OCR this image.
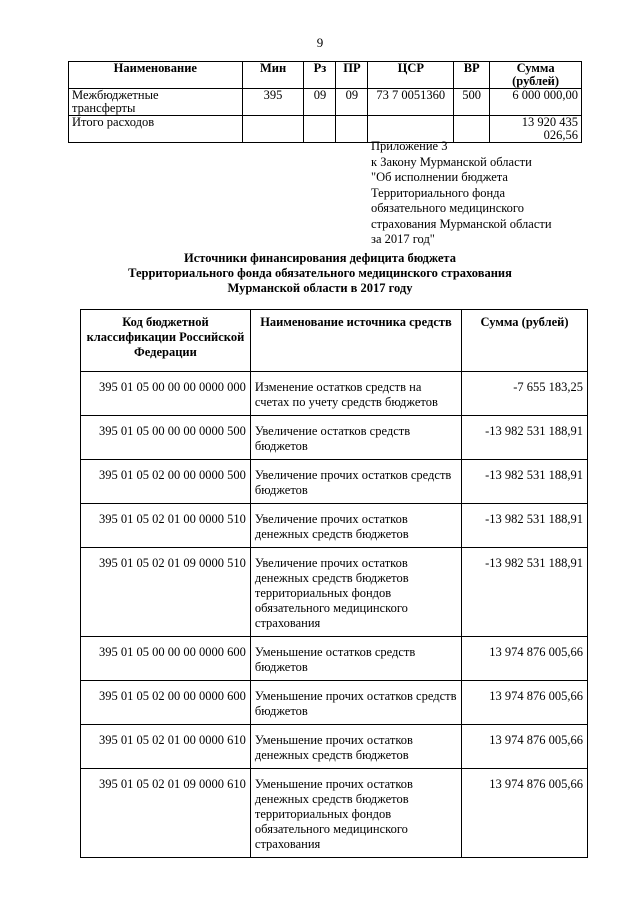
9
Наименование	Мин	Рз	ПР	ЦСР	ВР	Сумма (рублей)

Межбюджетные
трансферты	395	09	09	73 7 0051360	500	6 000 000,00
Итого расходов						13 920 435 026,56
Приложение 3
к Закону Мурманской области
"Об исполнении бюджета
Территориального фонда
обязательного медицинского
страхования Мурманской области
за 2017 год"
Источники финансирования дефицита бюджета
Территориального фонда обязательного медицинского страхования
Мурманской области в 2017 году
Код бюджетной классификации Российской Федерации	Наименование источника средств	Сумма (рублей)
395 01 05 00 00 00 0000 000	Изменение остатков средств на счетах по учету средств бюджетов	-7 655 183,25
395 01 05 00 00 00 0000 500	Увеличение остатков средств бюджетов	-13 982 531 188,91
395 01 05 02 00 00 0000 500	Увеличение прочих остатков средств бюджетов	-13 982 531 188,91
395 01 05 02 01 00 0000 510	Увеличение прочих остатков денежных средств бюджетов	-13 982 531 188,91
395 01 05 02 01 09 0000 510	Увеличение прочих остатков денежных средств бюджетов территориальных фондов обязательного медицинского страхования	-13 982 531 188,91
395 01 05 00 00 00 0000 600	Уменьшение остатков средств бюджетов	13 974 876 005,66
395 01 05 02 00 00 0000 600	Уменьшение прочих остатков средств бюджетов	13 974 876 005,66
395 01 05 02 01 00 0000 610	Уменьшение прочих остатков денежных средств бюджетов	13 974 876 005,66
395 01 05 02 01 09 0000 610	Уменьшение прочих остатков денежных средств бюджетов территориальных фондов обязательного медицинского страхования	13 974 876 005,66
